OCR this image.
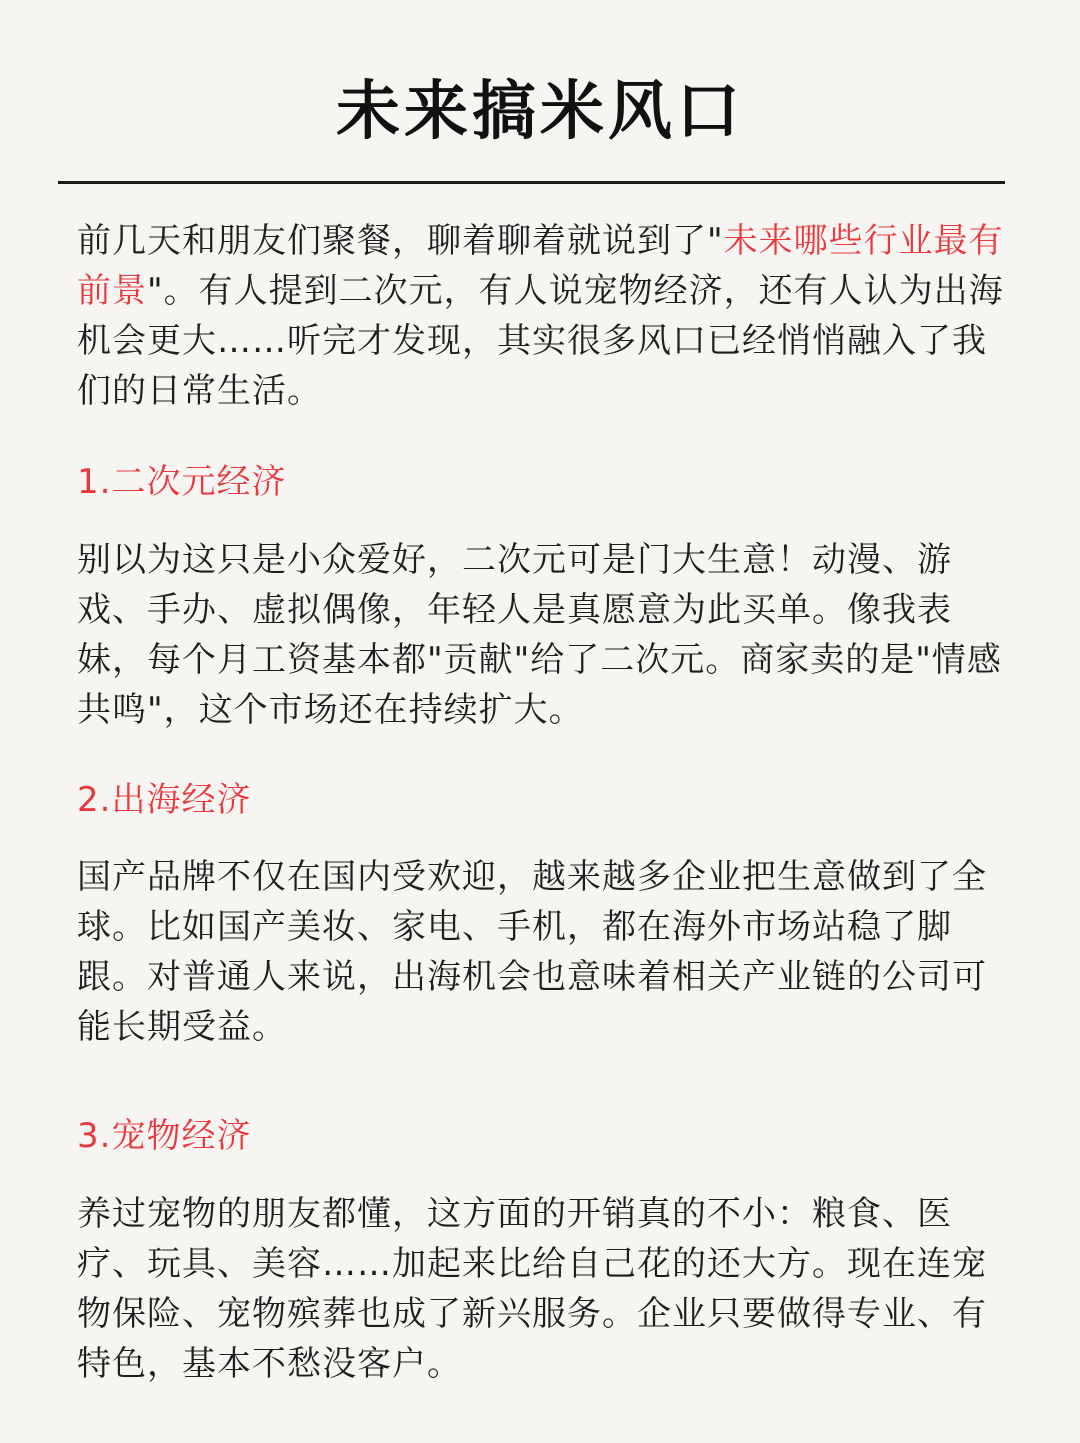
未来搞米风口

前几天和朋友们聚餐，聊着聊着就说到了"未来哪些行业最有前景"。有人提到二次元，有人说宠物经济，还有人认为出海机会更大……听完才发现，其实很多风口已经悄悄融入了我们的日常生活。

1.二次元经济

别以为这只是小众爱好，二次元可是门大生意！动漫、游戏、手办、虚拟偶像，年轻人是真愿意为此买单。像我表妹，每个月工资基本都"贡献"给了二次元。商家卖的是"情感共鸣"，这个市场还在持续扩大。

2.出海经济

国产品牌不仅在国内受欢迎，越来越多企业把生意做到了全球。比如国产美妆、家电、手机，都在海外市场站稳了脚跟。对普通人来说，出海机会也意味着相关产业链的公司可能长期受益。

3.宠物经济

养过宠物的朋友都懂，这方面的开销真的不小：粮食、医疗、玩具、美容……加起来比给自己花的还大方。现在连宠物保险、宠物殡葬也成了新兴服务。企业只要做得专业、有特色，基本不愁没客户。
